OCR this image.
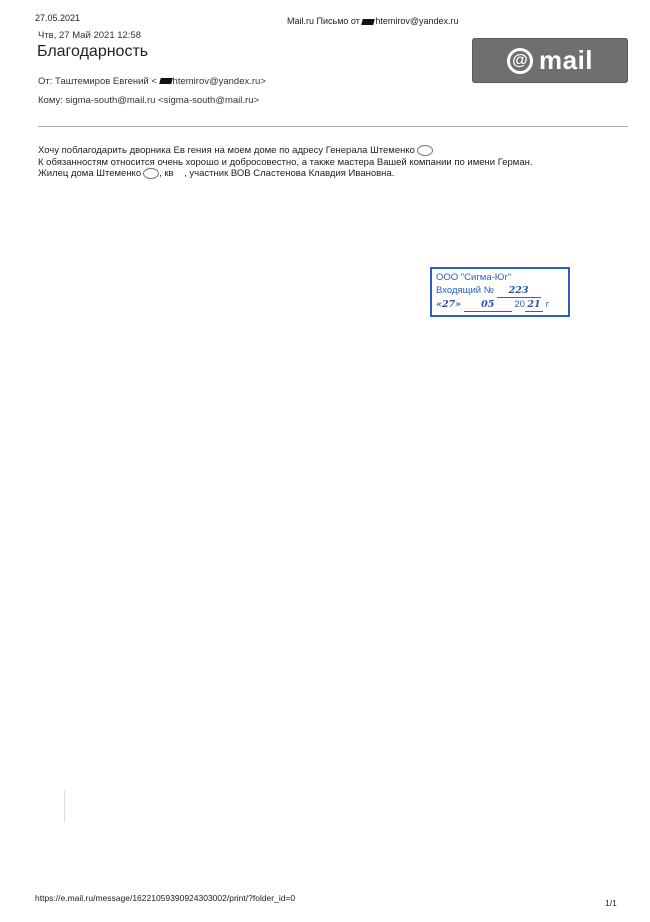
27.05.2021	Mail.ru Письмо от htemirov@yandex.ru
Чтв, 27 Май 2021 12:58
Благодарность
От: Таштемиров Евгений < htemirov@yandex.ru>
Кому: sigma-south@mail.ru <sigma-south@mail.ru>
@ mail
Хочу поблагодарить дворника Ев гения на моем доме по адресу Генерала Штеменко
К обязанностям относится очень хорошо и добросовестно, а также мастера Вашей компании по имени Герман.
Жилец дома Штеменко , кв , участник ВОВ Сластенова Клавдия Ивановна.
ООО "Сигма-Юг"
Входящий № 223
«27» 05 20 21 г
https://e.mail.ru/message/16221059390924303002/print/?folder_id=0	1/1
